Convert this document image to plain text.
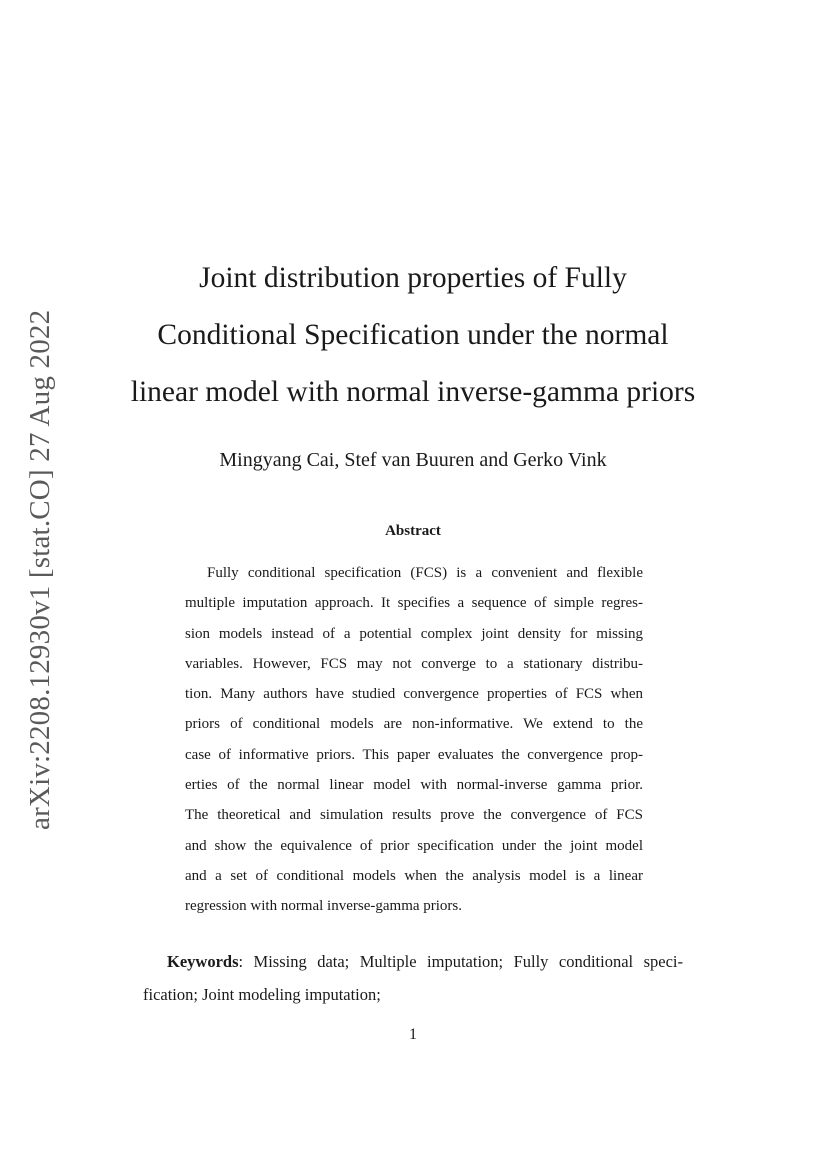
arXiv:2208.12930v1 [stat.CO] 27 Aug 2022
Joint distribution properties of Fully
Conditional Specification under the normal
linear model with normal inverse-gamma priors
Mingyang Cai, Stef van Buuren and Gerko Vink
Abstract
Fully conditional specification (FCS) is a convenient and flexible
multiple imputation approach. It specifies a sequence of simple regres-
sion models instead of a potential complex joint density for missing
variables. However, FCS may not converge to a stationary distribu-
tion. Many authors have studied convergence properties of FCS when
priors of conditional models are non-informative. We extend to the
case of informative priors. This paper evaluates the convergence prop-
erties of the normal linear model with normal-inverse gamma prior.
The theoretical and simulation results prove the convergence of FCS
and show the equivalence of prior specification under the joint model
and a set of conditional models when the analysis model is a linear
regression with normal inverse-gamma priors.
Keywords: Missing data; Multiple imputation; Fully conditional speci-
fication; Joint modeling imputation;
1
